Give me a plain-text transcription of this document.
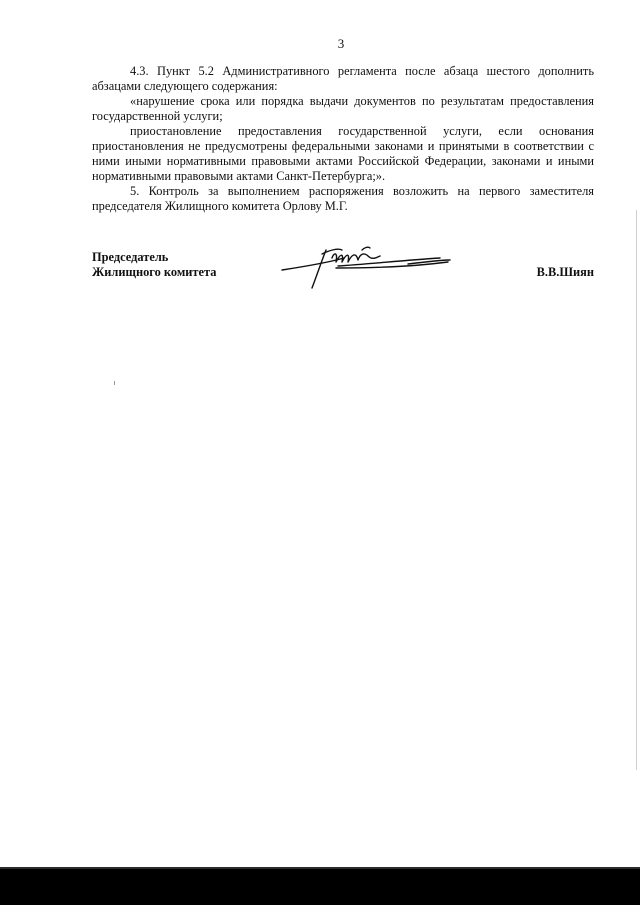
3

4.3. Пункт 5.2 Административного регламента после абзаца шестого дополнить абзацами следующего содержания:

«нарушение срока или порядка выдачи документов по результатам предоставления государственной услуги;

приостановление предоставления государственной услуги, если основания приостановления не предусмотрены федеральными законами и принятыми в соответствии с ними иными нормативными правовыми актами Российской Федерации, законами и иными нормативными правовыми актами Санкт-Петербурга;».

5. Контроль за выполнением распоряжения возложить на первого заместителя председателя Жилищного комитета Орлову М.Г.

Председатель
Жилищного комитета	В.В.Шиян
